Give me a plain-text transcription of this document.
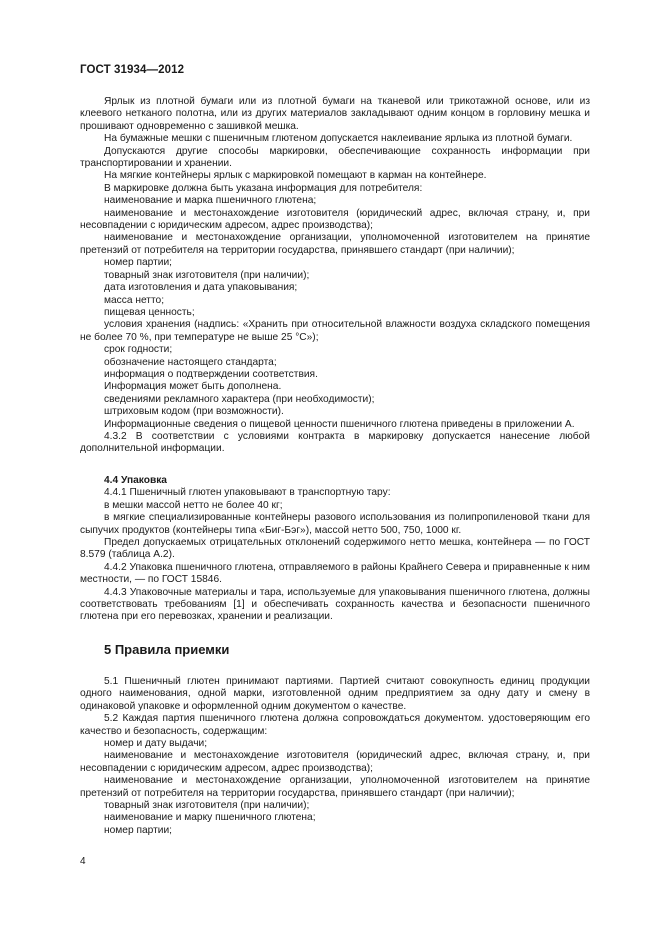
ГОСТ 31934—2012

Ярлык из плотной бумаги или из плотной бумаги на тканевой или трикотажной основе, или из клеевого нетканого полотна, или из других материалов закладывают одним концом в горловину мешка и прошивают одновременно с зашивкой мешка.

На бумажные мешки с пшеничным глютеном допускается наклеивание ярлыка из плотной бумаги.

Допускаются другие способы маркировки, обеспечивающие сохранность информации при транспортировании и хранении.

На мягкие контейнеры ярлык с маркировкой помещают в карман на контейнере.

В маркировке должна быть указана информация для потребителя:

наименование и марка пшеничного глютена;

наименование и местонахождение изготовителя (юридический адрес, включая страну, и, при несовпадении с юридическим адресом, адрес производства);

наименование и местонахождение организации, уполномоченной изготовителем на принятие претензий от потребителя на территории государства, принявшего стандарт (при наличии);

номер партии;

товарный знак изготовителя (при наличии);

дата изготовления и дата упаковывания;

масса нетто;

пищевая ценность;

условия хранения (надпись: «Хранить при относительной влажности воздуха складского помещения не более 70 %, при температуре не выше 25 °С»);

срок годности;

обозначение настоящего стандарта;

информация о подтверждении соответствия.

Информация может быть дополнена.

сведениями рекламного характера (при необходимости);

штриховым кодом (при возможности).

Информационные сведения о пищевой ценности пшеничного глютена приведены в приложении А.

4.3.2 В соответствии с условиями контракта в маркировку допускается нанесение любой дополнительной информации.

4.4 Упаковка

4.4.1 Пшеничный глютен упаковывают в транспортную тару:

в мешки массой нетто не более 40 кг;

в мягкие специализированные контейнеры разового использования из полипропиленовой ткани для сыпучих продуктов (контейнеры типа «Биг-Бэг»), массой нетто 500, 750, 1000 кг.

Предел допускаемых отрицательных отклонений содержимого нетто мешка, контейнера — по ГОСТ 8.579 (таблица А.2).

4.4.2 Упаковка пшеничного глютена, отправляемого в районы Крайнего Севера и приравненные к ним местности, — по ГОСТ 15846.

4.4.3 Упаковочные материалы и тара, используемые для упаковывания пшеничного глютена, должны соответствовать требованиям [1] и обеспечивать сохранность качества и безопасности пшеничного глютена при его перевозках, хранении и реализации.

5 Правила приемки

5.1 Пшеничный глютен принимают партиями. Партией считают совокупность единиц продукции одного наименования, одной марки, изготовленной одним предприятием за одну дату и смену в одинаковой упаковке и оформленной одним документом о качестве.

5.2 Каждая партия пшеничного глютена должна сопровождаться документом. удостоверяющим его качество и безопасность, содержащим:

номер и дату выдачи;

наименование и местонахождение изготовителя (юридический адрес, включая страну, и, при несовпадении с юридическим адресом, адрес производства);

наименование и местонахождение организации, уполномоченной изготовителем на принятие претензий от потребителя на территории государства, принявшего стандарт (при наличии);

товарный знак изготовителя (при наличии);

наименование и марку пшеничного глютена;

номер партии;

4
